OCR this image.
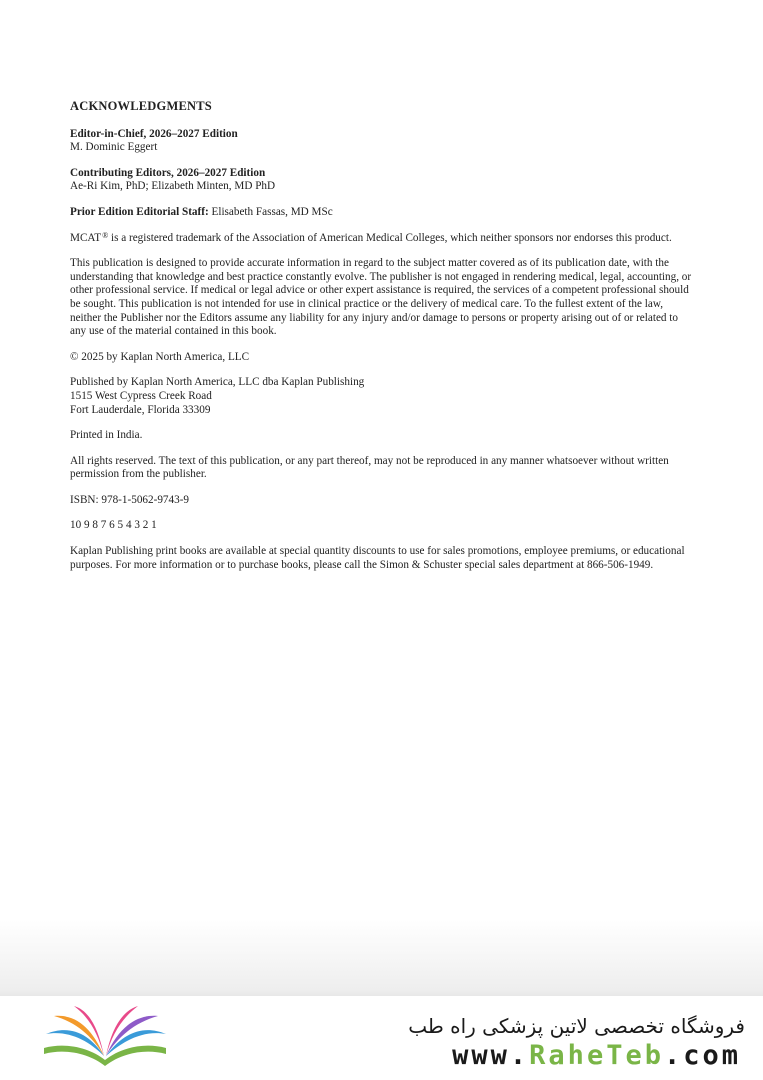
ACKNOWLEDGMENTS
Editor-in-Chief, 2026–2027 Edition
M. Dominic Eggert
Contributing Editors, 2026–2027 Edition
Ae-Ri Kim, PhD; Elizabeth Minten, MD PhD
Prior Edition Editorial Staff: Elisabeth Fassas, MD MSc
MCAT® is a registered trademark of the Association of American Medical Colleges, which neither sponsors nor endorses this product.
This publication is designed to provide accurate information in regard to the subject matter covered as of its publication date, with the understanding that knowledge and best practice constantly evolve. The publisher is not engaged in rendering medical, legal, accounting, or other professional service. If medical or legal advice or other expert assistance is required, the services of a competent professional should be sought. This publication is not intended for use in clinical practice or the delivery of medical care. To the fullest extent of the law, neither the Publisher nor the Editors assume any liability for any injury and/or damage to persons or property arising out of or related to any use of the material contained in this book.
© 2025 by Kaplan North America, LLC
Published by Kaplan North America, LLC dba Kaplan Publishing
1515 West Cypress Creek Road
Fort Lauderdale, Florida 33309
Printed in India.
All rights reserved. The text of this publication, or any part thereof, may not be reproduced in any manner whatsoever without written permission from the publisher.
ISBN: 978-1-5062-9743-9
10 9 8 7 6 5 4 3 2 1
Kaplan Publishing print books are available at special quantity discounts to use for sales promotions, employee premiums, or educational purposes. For more information or to purchase books, please call the Simon & Schuster special sales department at 866-506-1949.
فروشگاه تخصصی لاتین پزشکی راه طب
www.RaheTeb.com
